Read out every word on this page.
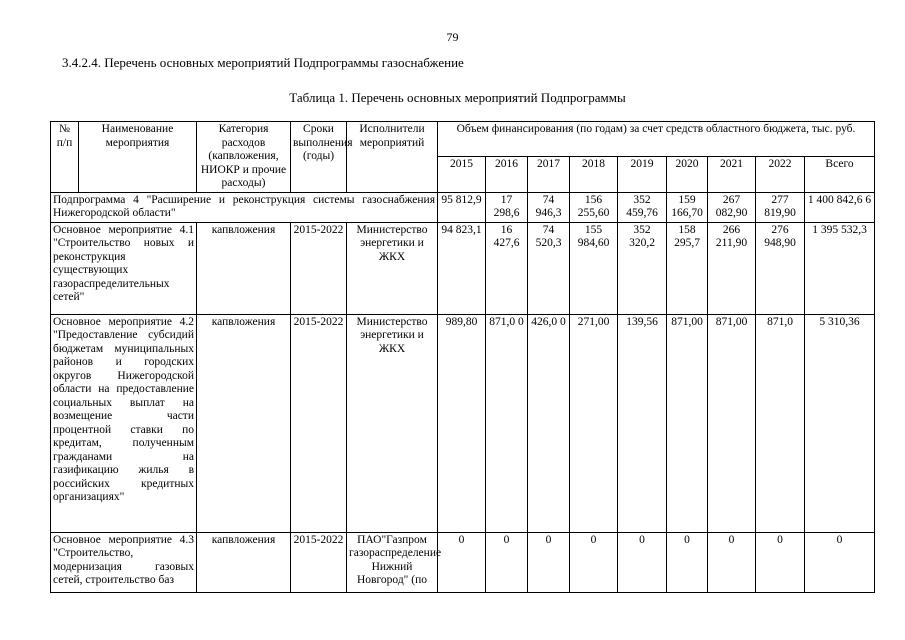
79
3.4.2.4. Перечень основных мероприятий Подпрограммы газоснабжение
Таблица 1. Перечень основных мероприятий Подпрограммы
№ п/п	Наименование мероприятия	Категория расходов (капвложения, НИОКР и прочие расходы)	Сроки выполнения (годы)	Исполнители мероприятий	Объем финансирования (по годам) за счет средств областного бюджета, тыс. руб.								
					2015	2016	2017	2018	2019	2020	2021	2022	Всего
Подпрограмма 4 "Расширение и реконструкция системы газоснабжения Нижегородской области"					95 812,9	17 298,6	74 946,3	156 255,60	352 459,76	159 166,70	267 082,90	277 819,90	1 400 842,6 6
Основное мероприятие 4.1 "Строительство новых и реконструкция существующих газораспределительных сетей"		капвложения	2015-2022	Министерство энергетики и ЖКХ	94 823,1	16 427,6	74 520,3	155 984,60	352 320,2	158 295,7	266 211,90	276 948,90	1 395 532,3
Основное мероприятие 4.2 "Предоставление субсидий бюджетам муниципальных районов и городских округов Нижегородской области на предоставление социальных выплат на возмещение части процентной ставки по кредитам, полученным гражданами на газификацию жилья в российских кредитных организациях"		капвложения	2015-2022	Министерство энергетики и ЖКХ	989,80	871,0 0	426,0 0	271,00	139,56	871,00	871,00	871,0	5 310,36
Основное мероприятие 4.3 "Строительство, модернизация газовых сетей, строительство баз		капвложения	2015-2022	ПАО"Газпром газораспределение Нижний Новгород" (по	0	0	0	0	0	0	0	0	0
